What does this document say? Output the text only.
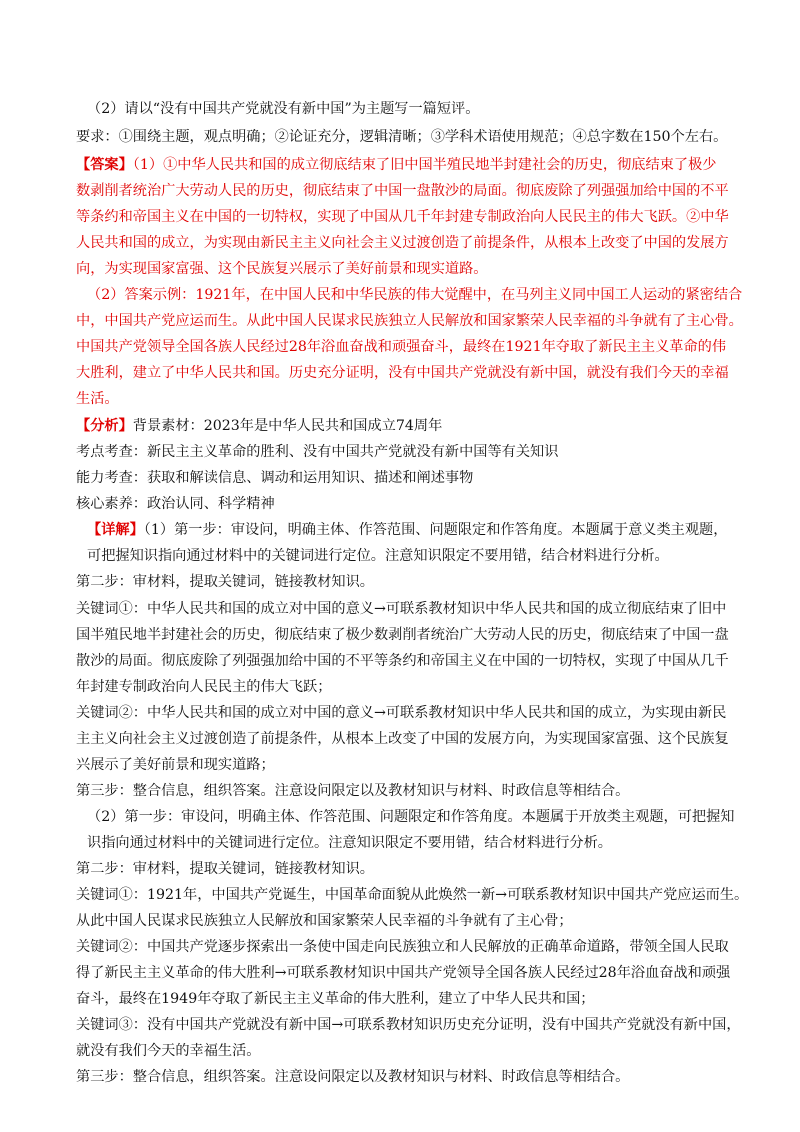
（2）请以“没有中国共产党就没有新中国”为主题写一篇短评。
要求：①围绕主题，观点明确；②论证充分，逻辑清晰；③学科术语使用规范；④总字数在150个左右。
【答案】（1）①中华人民共和国的成立彻底结束了旧中国半殖民地半封建社会的历史，彻底结束了极少
数剥削者统治广大劳动人民的历史，彻底结束了中国一盘散沙的局面。彻底废除了列强强加给中国的不平
等条约和帝国主义在中国的一切特权，实现了中国从几千年封建专制政治向人民民主的伟大飞跃。②中华
人民共和国的成立，为实现由新民主主义向社会主义过渡创造了前提条件，从根本上改变了中国的发展方
向，为实现国家富强、这个民族复兴展示了美好前景和现实道路。
（2）答案示例：1921年，在中国人民和中华民族的伟大觉醒中，在马列主义同中国工人运动的紧密结合
中，中国共产党应运而生。从此中国人民谋求民族独立人民解放和国家繁荣人民幸福的斗争就有了主心骨。
中国共产党领导全国各族人民经过28年浴血奋战和顽强奋斗，最终在1921年夺取了新民主主义革命的伟
大胜利，建立了中华人民共和国。历史充分证明，没有中国共产党就没有新中国，就没有我们今天的幸福
生活。
【分析】背景素材：2023年是中华人民共和国成立74周年
考点考查：新民主主义革命的胜利、没有中国共产党就没有新中国等有关知识
能力考查：获取和解读信息、调动和运用知识、描述和阐述事物
核心素养：政治认同、科学精神
【详解】（1）第一步：审设问，明确主体、作答范围、问题限定和作答角度。本题属于意义类主观题，
可把握知识指向通过材料中的关键词进行定位。注意知识限定不要用错，结合材料进行分析。
第二步：审材料，提取关键词，链接教材知识。
关键词①：中华人民共和国的成立对中国的意义→可联系教材知识中华人民共和国的成立彻底结束了旧中
国半殖民地半封建社会的历史，彻底结束了极少数剥削者统治广大劳动人民的历史，彻底结束了中国一盘
散沙的局面。彻底废除了列强强加给中国的不平等条约和帝国主义在中国的一切特权，实现了中国从几千
年封建专制政治向人民民主的伟大飞跃；
关键词②：中华人民共和国的成立对中国的意义→可联系教材知识中华人民共和国的成立，为实现由新民
主主义向社会主义过渡创造了前提条件，从根本上改变了中国的发展方向，为实现国家富强、这个民族复
兴展示了美好前景和现实道路；
第三步：整合信息，组织答案。注意设问限定以及教材知识与材料、时政信息等相结合。
（2）第一步：审设问，明确主体、作答范围、问题限定和作答角度。本题属于开放类主观题，可把握知
识指向通过材料中的关键词进行定位。注意知识限定不要用错，结合材料进行分析。
第二步：审材料，提取关键词，链接教材知识。
关键词①：1921年，中国共产党诞生，中国革命面貌从此焕然一新→可联系教材知识中国共产党应运而生。
从此中国人民谋求民族独立人民解放和国家繁荣人民幸福的斗争就有了主心骨；
关键词②：中国共产党逐步探索出一条使中国走向民族独立和人民解放的正确革命道路，带领全国人民取
得了新民主主义革命的伟大胜利→可联系教材知识中国共产党领导全国各族人民经过28年浴血奋战和顽强
奋斗，最终在1949年夺取了新民主主义革命的伟大胜利，建立了中华人民共和国；
关键词③：没有中国共产党就没有新中国→可联系教材知识历史充分证明，没有中国共产党就没有新中国，
就没有我们今天的幸福生活。
第三步：整合信息，组织答案。注意设问限定以及教材知识与材料、时政信息等相结合。
